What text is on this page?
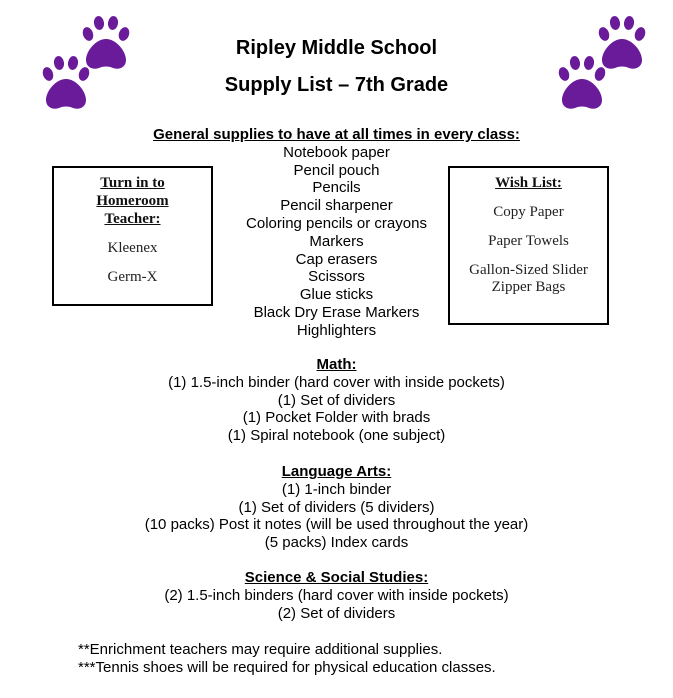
Ripley Middle School
Supply List – 7th Grade
General supplies to have at all times in every class:
Notebook paper
Pencil pouch
Pencils
Pencil sharpener
Coloring pencils or crayons
Markers
Cap erasers
Scissors
Glue sticks
Black Dry Erase Markers
Highlighters
Turn in to
Homeroom
Teacher:
Kleenex
Germ-X
Wish List:
Copy Paper
Paper Towels
Gallon-Sized Slider
Zipper Bags
Math:
(1) 1.5-inch binder (hard cover with inside pockets)
(1) Set of dividers
(1) Pocket Folder with brads
(1) Spiral notebook (one subject)
Language Arts:
(1) 1-inch binder
(1) Set of dividers (5 dividers)
(10 packs) Post it notes (will be used throughout the year)
(5 packs) Index cards
Science & Social Studies:
(2) 1.5-inch binders (hard cover with inside pockets)
(2) Set of dividers
**Enrichment teachers may require additional supplies.
***Tennis shoes will be required for physical education classes.
